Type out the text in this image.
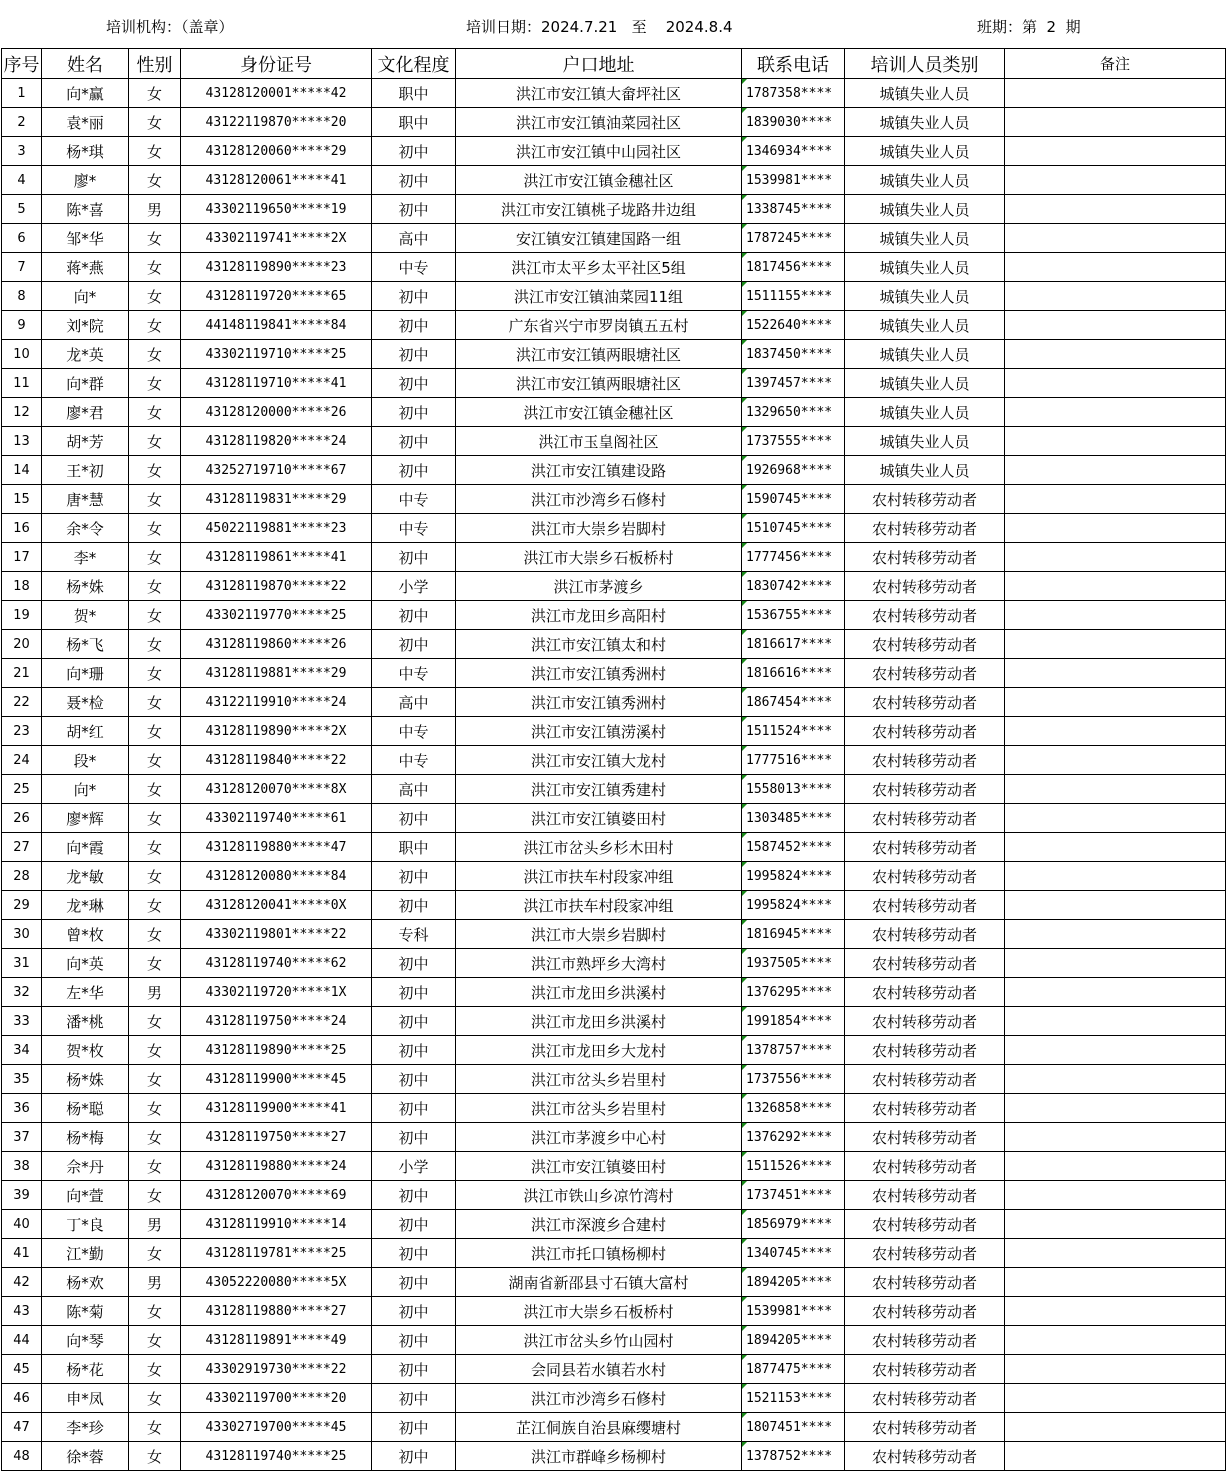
培训机构：（盖章）	培训日期：2024.7.21   至    2024.8.4	班期：第  2  期
序号	姓名	性别	身份证号	文化程度	户口地址	联系电话	培训人员类别	备注
1	向*赢	女	43128120001*****42	职中	洪江市安江镇大畲坪社区	1787358****	城镇失业人员	
2	袁*丽	女	43122119870*****20	职中	洪江市安江镇油菜园社区	1839030****	城镇失业人员	
3	杨*琪	女	43128120060*****29	初中	洪江市安江镇中山园社区	1346934****	城镇失业人员	
4	廖*	女	43128120061*****41	初中	洪江市安江镇金穗社区	1539981****	城镇失业人员	
5	陈*喜	男	43302119650*****19	初中	洪江市安江镇桃子垅路井边组	1338745****	城镇失业人员	
6	邹*华	女	43302119741*****2X	高中	安江镇安江镇建国路一组	1787245****	城镇失业人员	
7	蒋*燕	女	43128119890*****23	中专	洪江市太平乡太平社区5组	1817456****	城镇失业人员	
8	向*	女	43128119720*****65	初中	洪江市安江镇油菜园11组	1511155****	城镇失业人员	
9	刘*院	女	44148119841*****84	初中	广东省兴宁市罗岗镇五五村	1522640****	城镇失业人员	
10	龙*英	女	43302119710*****25	初中	洪江市安江镇两眼塘社区	1837450****	城镇失业人员	
11	向*群	女	43128119710*****41	初中	洪江市安江镇两眼塘社区	1397457****	城镇失业人员	
12	廖*君	女	43128120000*****26	初中	洪江市安江镇金穗社区	1329650****	城镇失业人员	
13	胡*芳	女	43128119820*****24	初中	洪江市玉皇阁社区	1737555****	城镇失业人员	
14	王*初	女	43252719710*****67	初中	洪江市安江镇建设路	1926968****	城镇失业人员	
15	唐*慧	女	43128119831*****29	中专	洪江市沙湾乡石修村	1590745****	农村转移劳动者	
16	余*令	女	45022119881*****23	中专	洪江市大崇乡岩脚村	1510745****	农村转移劳动者	
17	李*	女	43128119861*****41	初中	洪江市大崇乡石板桥村	1777456****	农村转移劳动者	
18	杨*姝	女	43128119870*****22	小学	洪江市茅渡乡	1830742****	农村转移劳动者	
19	贺*	女	43302119770*****25	初中	洪江市龙田乡高阳村	1536755****	农村转移劳动者	
20	杨*飞	女	43128119860*****26	初中	洪江市安江镇太和村	1816617****	农村转移劳动者	
21	向*珊	女	43128119881*****29	中专	洪江市安江镇秀洲村	1816616****	农村转移劳动者	
22	聂*检	女	43122119910*****24	高中	洪江市安江镇秀洲村	1867454****	农村转移劳动者	
23	胡*红	女	43128119890*****2X	中专	洪江市安江镇涝溪村	1511524****	农村转移劳动者	
24	段*	女	43128119840*****22	中专	洪江市安江镇大龙村	1777516****	农村转移劳动者	
25	向*	女	43128120070*****8X	高中	洪江市安江镇秀建村	1558013****	农村转移劳动者	
26	廖*辉	女	43302119740*****61	初中	洪江市安江镇婆田村	1303485****	农村转移劳动者	
27	向*霞	女	43128119880*****47	职中	洪江市岔头乡杉木田村	1587452****	农村转移劳动者	
28	龙*敏	女	43128120080*****84	初中	洪江市扶车村段家冲组	1995824****	农村转移劳动者	
29	龙*琳	女	43128120041*****0X	初中	洪江市扶车村段家冲组	1995824****	农村转移劳动者	
30	曾*枚	女	43302119801*****22	专科	洪江市大崇乡岩脚村	1816945****	农村转移劳动者	
31	向*英	女	43128119740*****62	初中	洪江市熟坪乡大湾村	1937505****	农村转移劳动者	
32	左*华	男	43302119720*****1X	初中	洪江市龙田乡洪溪村	1376295****	农村转移劳动者	
33	潘*桃	女	43128119750*****24	初中	洪江市龙田乡洪溪村	1991854****	农村转移劳动者	
34	贺*枚	女	43128119890*****25	初中	洪江市龙田乡大龙村	1378757****	农村转移劳动者	
35	杨*姝	女	43128119900*****45	初中	洪江市岔头乡岩里村	1737556****	农村转移劳动者	
36	杨*聪	女	43128119900*****41	初中	洪江市岔头乡岩里村	1326858****	农村转移劳动者	
37	杨*梅	女	43128119750*****27	初中	洪江市茅渡乡中心村	1376292****	农村转移劳动者	
38	佘*丹	女	43128119880*****24	小学	洪江市安江镇婆田村	1511526****	农村转移劳动者	
39	向*萱	女	43128120070*****69	初中	洪江市铁山乡凉竹湾村	1737451****	农村转移劳动者	
40	丁*良	男	43128119910*****14	初中	洪江市深渡乡合建村	1856979****	农村转移劳动者	
41	江*勤	女	43128119781*****25	初中	洪江市托口镇杨柳村	1340745****	农村转移劳动者	
42	杨*欢	男	43052220080*****5X	初中	湖南省新邵县寸石镇大富村	1894205****	农村转移劳动者	
43	陈*菊	女	43128119880*****27	初中	洪江市大崇乡石板桥村	1539981****	农村转移劳动者	
44	向*琴	女	43128119891*****49	初中	洪江市岔头乡竹山园村	1894205****	农村转移劳动者	
45	杨*花	女	43302919730*****22	初中	会同县若水镇若水村	1877475****	农村转移劳动者	
46	申*凤	女	43302119700*****20	初中	洪江市沙湾乡石修村	1521153****	农村转移劳动者	
47	李*珍	女	43302719700*****45	初中	芷江侗族自治县麻缨塘村	1807451****	农村转移劳动者	
48	徐*蓉	女	43128119740*****25	初中	洪江市群峰乡杨柳村	1378752****	农村转移劳动者	
